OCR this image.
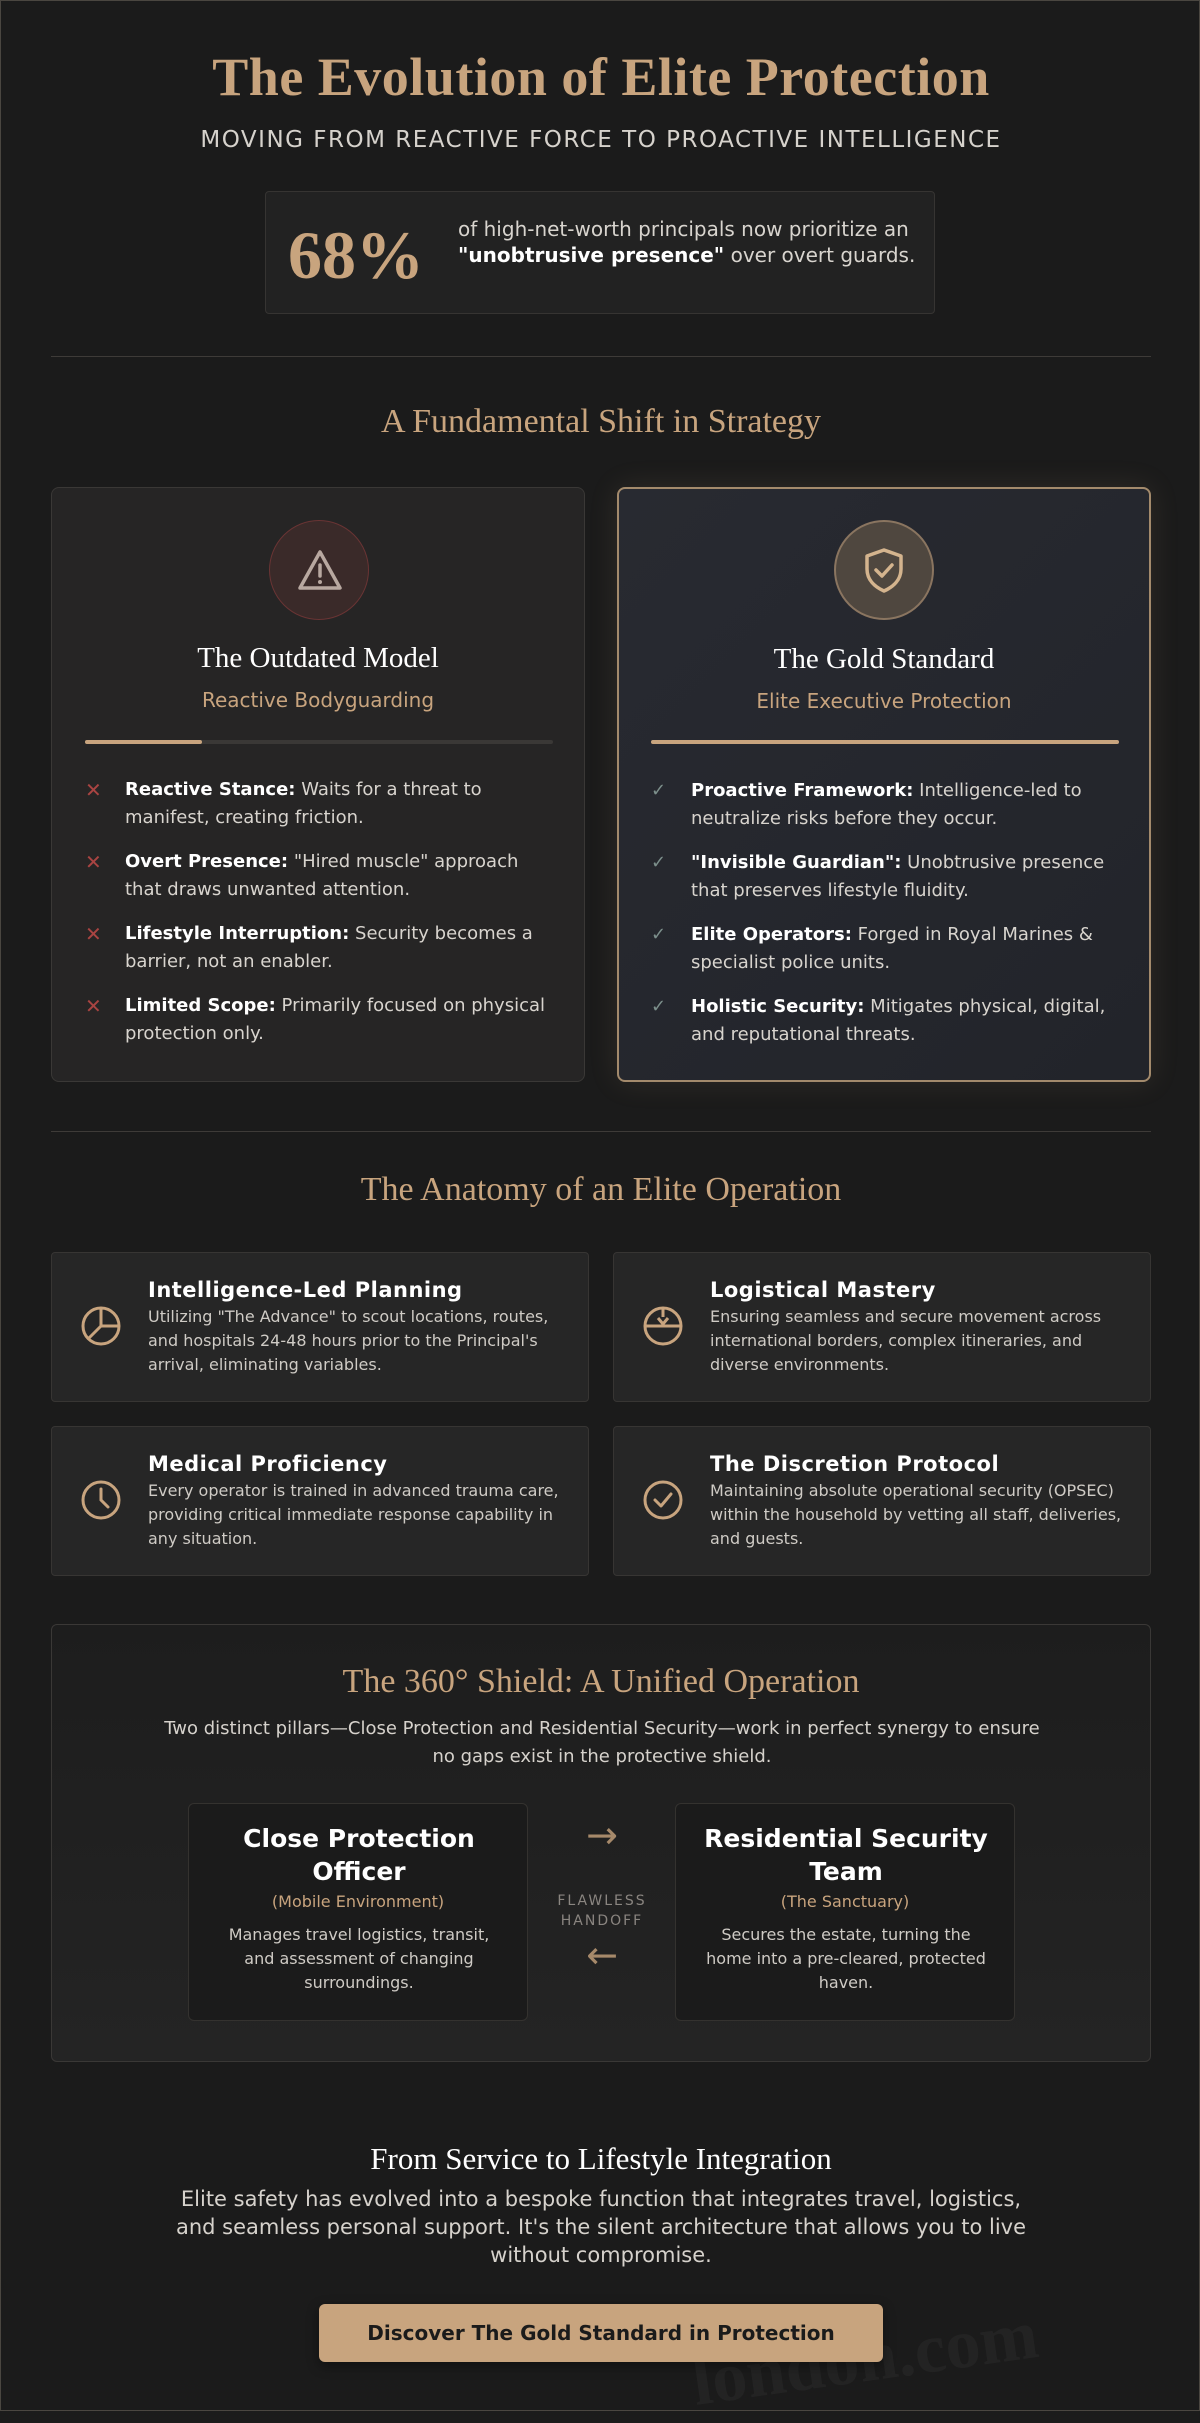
The Evolution of Elite Protection
MOVING FROM REACTIVE FORCE TO PROACTIVE INTELLIGENCE
68% of high-net-worth principals now prioritize an "unobtrusive presence" over overt guards.
A Fundamental Shift in Strategy
The Outdated Model
Reactive Bodyguarding
✕ Reactive Stance: Waits for a threat to manifest, creating friction.
✕ Overt Presence: "Hired muscle" approach that draws unwanted attention.
✕ Lifestyle Interruption: Security becomes a barrier, not an enabler.
✕ Limited Scope: Primarily focused on physical protection only.
The Gold Standard
Elite Executive Protection
✓ Proactive Framework: Intelligence-led to neutralize risks before they occur.
✓ "Invisible Guardian": Unobtrusive presence that preserves lifestyle fluidity.
✓ Elite Operators: Forged in Royal Marines & specialist police units.
✓ Holistic Security: Mitigates physical, digital, and reputational threats.
The Anatomy of an Elite Operation
Intelligence-Led Planning
Utilizing "The Advance" to scout locations, routes, and hospitals 24-48 hours prior to the Principal's arrival, eliminating variables.
Logistical Mastery
Ensuring seamless and secure movement across international borders, complex itineraries, and diverse environments.
Medical Proficiency
Every operator is trained in advanced trauma care, providing critical immediate response capability in any situation.
The Discretion Protocol
Maintaining absolute operational security (OPSEC) within the household by vetting all staff, deliveries, and guests.
The 360° Shield: A Unified Operation
Two distinct pillars—Close Protection and Residential Security—work in perfect synergy to ensure no gaps exist in the protective shield.
Close Protection Officer
(Mobile Environment)
Manages travel logistics, transit, and assessment of changing surroundings.
→
FLAWLESS
HANDOFF
←
Residential Security Team
(The Sanctuary)
Secures the estate, turning the home into a pre-cleared, protected haven.
From Service to Lifestyle Integration
Elite safety has evolved into a bespoke function that integrates travel, logistics, and seamless personal support. It's the silent architecture that allows you to live without compromise.
Discover The Gold Standard in Protection
